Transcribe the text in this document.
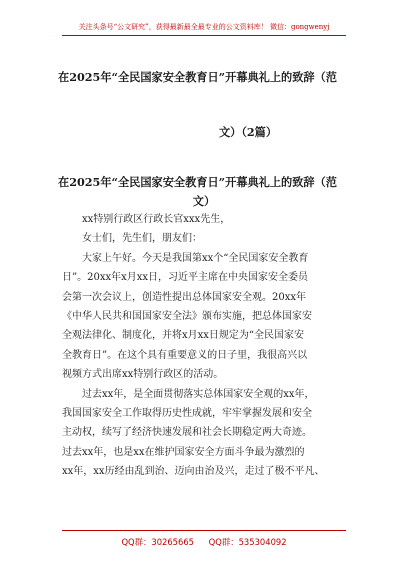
关注头条号“公文研究”，获得最新最全最专业的公文资料库！ 微信：gongwenyj
在2025年“全民国家安全教育日”开幕典礼上的致辞（范
文）（2篇）
在2025年“全民国家安全教育日”开幕典礼上的致辞（范
文）
xx特别行政区行政长官xxx先生，
女士们，先生们，朋友们：
大家上午好。今天是我国第xx个“全民国家安全教育
日”。20xx年x月xx日，习近平主席在中央国家安全委员
会第一次会议上，创造性提出总体国家安全观。20xx年
《中华人民共和国国家安全法》颁布实施，把总体国家安
全观法律化、制度化，并将x月xx日规定为“全民国家安
全教育日”。在这个具有重要意义的日子里，我很高兴以
视频方式出席xx特别行政区的活动。
过去xx年，是全面贯彻落实总体国家安全观的xx年，
我国国家安全工作取得历史性成就，牢牢掌握发展和安全
主动权，续写了经济快速发展和社会长期稳定两大奇迹。
过去xx年，也是xx在维护国家安全方面斗争最为激烈的
xx年，xx历经由乱到治、迈向由治及兴，走过了极不平凡、
QQ群：30265665 QQ群：535304092
